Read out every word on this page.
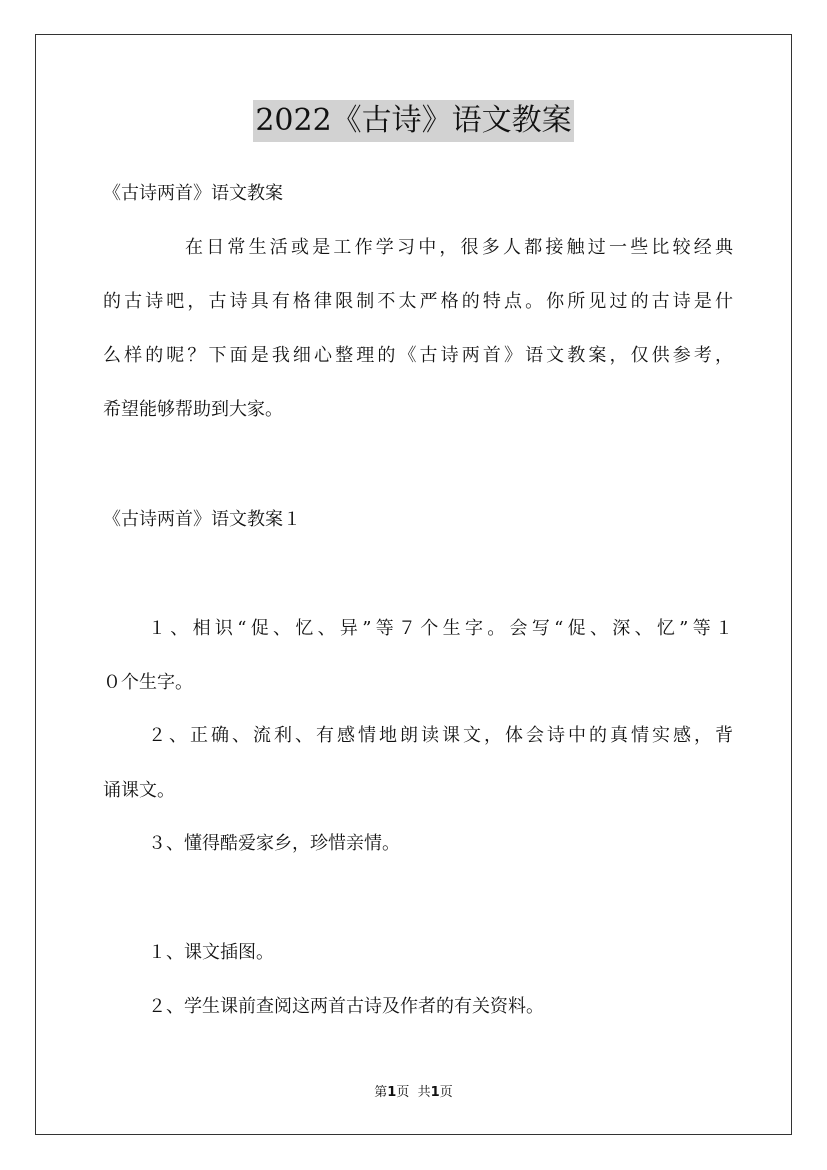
2022《古诗》语文教案
《古诗两首》语文教案
在日常生活或是工作学习中，很多人都接触过一些比较经典
的古诗吧，古诗具有格律限制不太严格的特点。你所见过的古诗是什
么样的呢？下面是我细心整理的《古诗两首》语文教案，仅供参考，
希望能够帮助到大家。
《古诗两首》语文教案１
１、相识“促、忆、异”等７个生字。会写“促、深、忆”等１
０个生字。
２、正确、流利、有感情地朗读课文，体会诗中的真情实感，背
诵课文。
３、懂得酷爱家乡，珍惜亲情。
１、课文插图。
２、学生课前查阅这两首古诗及作者的有关资料。
第1页 共1页
